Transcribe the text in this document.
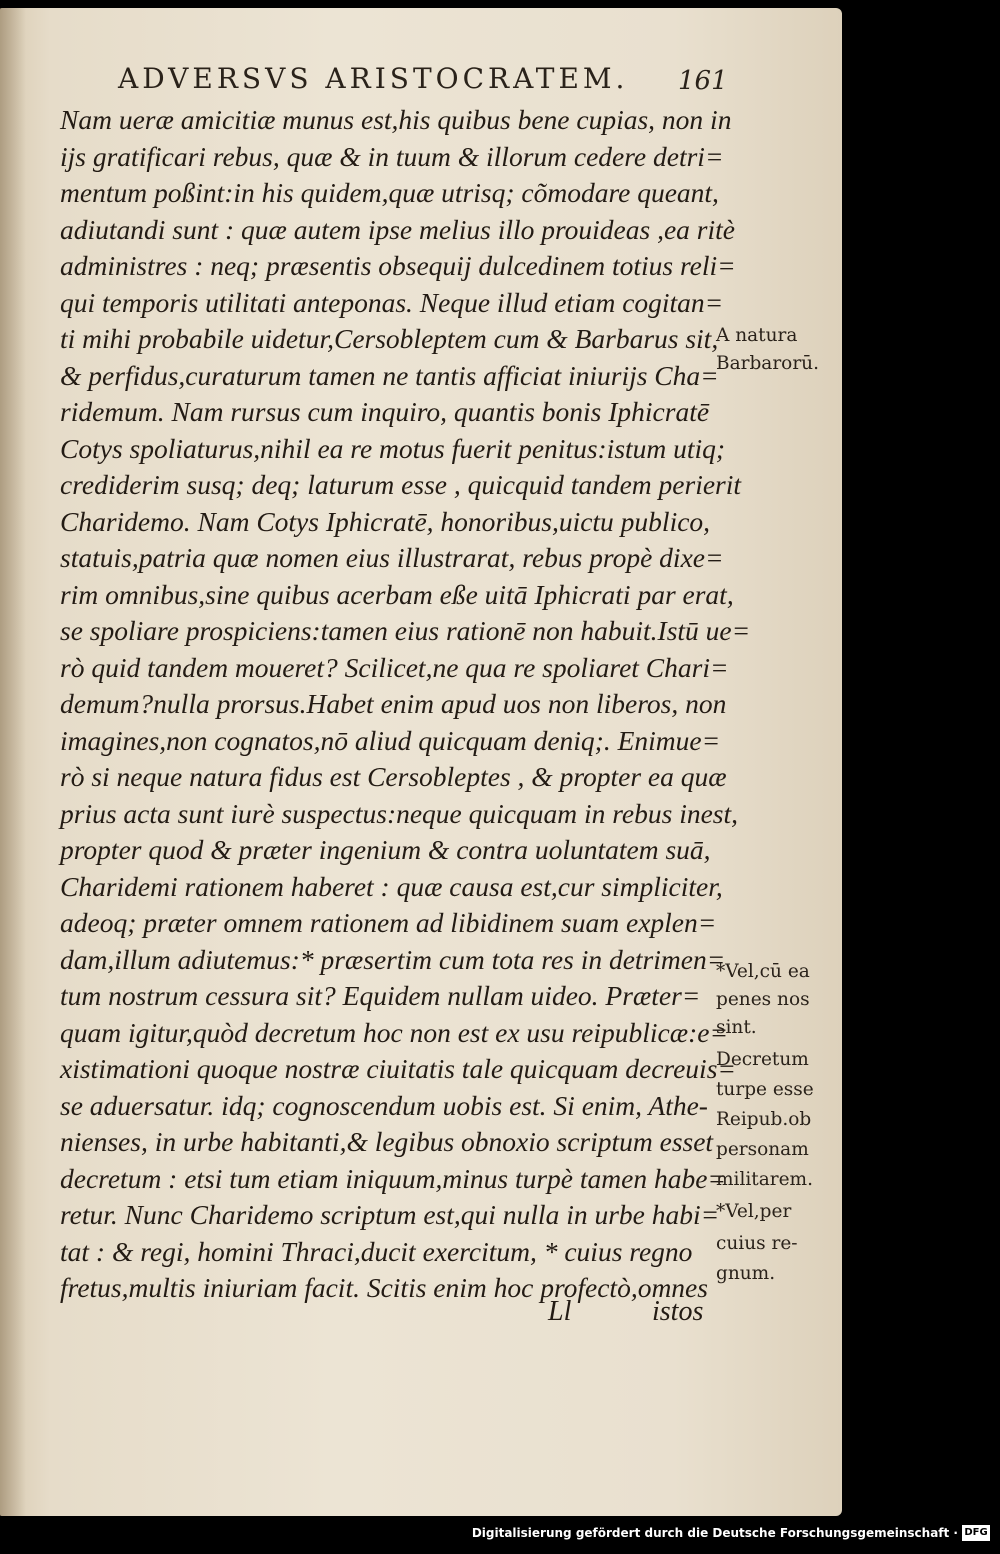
ADVERSVS ARISTOCRATEM.	161
Nam ueræ amicitiæ munus est,his quibus bene cupias, non in
ijs gratificari rebus, quæ & in tuum & illorum cedere detri=
mentum poßint:in his quidem,quæ utrisq; cõmodare queant,
adiutandi sunt : quæ autem ipse melius illo prouideas ,ea ritè
administres : neq; præsentis obsequij dulcedinem totius reli=
qui temporis utilitati anteponas. Neque illud etiam cogitan=
ti mihi probabile uidetur,Cersobleptem cum & Barbarus sit,
& perfidus,curaturum tamen ne tantis afficiat iniurijs Cha=
ridemum. Nam rursus cum inquiro, quantis bonis Iphicratē
Cotys spoliaturus,nihil ea re motus fuerit penitus:istum utiq;
crediderim susq; deq; laturum esse , quicquid tandem perierit
Charidemo. Nam Cotys Iphicratē, honoribus,uictu publico,
statuis,patria quæ nomen eius illustrarat, rebus propè dixe=
rim omnibus,sine quibus acerbam eße uitā Iphicrati par erat,
se spoliare prospiciens:tamen eius rationē non habuit.Istū ue=
rò quid tandem moueret? Scilicet,ne qua re spoliaret Chari=
demum?nulla prorsus.Habet enim apud uos non liberos, non
imagines,non cognatos,nō aliud quicquam deniq;. Enimue=
rò si neque natura fidus est Cersobleptes , & propter ea quæ
prius acta sunt iurè suspectus:neque quicquam in rebus inest,
propter quod & præter ingenium & contra uoluntatem suā,
Charidemi rationem haberet : quæ causa est,cur simpliciter,
adeoq; præter omnem rationem ad libidinem suam explen=
dam,illum adiutemus:* præsertim cum tota res in detrimen=
tum nostrum cessura sit? Equidem nullam uideo. Præter=
quam igitur,quòd decretum hoc non est ex usu reipublicæ:e=
xistimationi quoque nostræ ciuitatis tale quicquam decreuis=
se aduersatur. idq; cognoscendum uobis est. Si enim, Athe-
nienses, in urbe habitanti,& legibus obnoxio scriptum esset
decretum : etsi tum etiam iniquum,minus turpè tamen habe=
retur. Nunc Charidemo scriptum est,qui nulla in urbe habi=
tat : & regi, homini Thraci,ducit exercitum, * cuius regno
fretus,multis iniuriam facit. Scitis enim hoc profectò,omnes
A natura
Barbarorū.
*Vel,cū ea
penes nos
sint.
Decretum
turpe esse
Reipub.ob
personam
militarem.
*Vel,per
cuius re-
gnum.
Ll	istos
Digitalisierung gefördert durch die Deutsche Forschungsgemeinschaft · DFG
